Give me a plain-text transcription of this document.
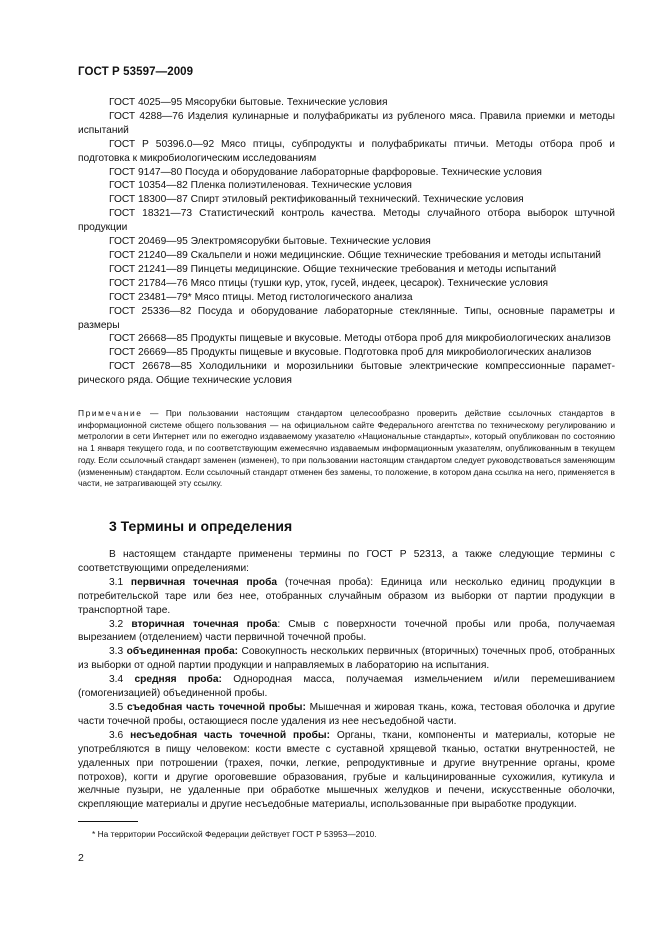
ГОСТ Р 53597—2009

ГОСТ 4025—95 Мясорубки бытовые. Технические условия

ГОСТ 4288—76 Изделия кулинарные и полуфабрикаты из рубленого мяса. Правила приемки и методы испытаний

ГОСТ Р 50396.0—92 Мясо птицы, субпродукты и полуфабрикаты птичьи. Методы отбора проб и подготовка к микробиологическим исследованиям

ГОСТ 9147—80 Посуда и оборудование лабораторные фарфоровые. Технические условия

ГОСТ 10354—82 Пленка полиэтиленовая. Технические условия

ГОСТ 18300—87 Спирт этиловый ректификованный технический. Технические условия

ГОСТ 18321—73 Статистический контроль качества. Методы случайного отбора выборок штучной продукции

ГОСТ 20469—95 Электромясорубки бытовые. Технические условия

ГОСТ 21240—89 Скальпели и ножи медицинские. Общие технические требования и методы испытаний

ГОСТ 21241—89 Пинцеты медицинские. Общие технические требования и методы испытаний

ГОСТ 21784—76 Мясо птицы (тушки кур, уток, гусей, индеек, цесарок). Технические условия

ГОСТ 23481—79* Мясо птицы. Метод гистологического анализа

ГОСТ 25336—82 Посуда и оборудование лабораторные стеклянные. Типы, основные параметры и размеры

ГОСТ 26668—85 Продукты пищевые и вкусовые. Методы отбора проб для микробиологических анализов

ГОСТ 26669—85 Продукты пищевые и вкусовые. Подготовка проб для микробиологических анализов

ГОСТ 26678—85 Холодильники и морозильники бытовые электрические компрессионные параметрического ряда. Общие технические условия

Примечание — При пользовании настоящим стандартом целесообразно проверить действие ссылочных стандартов в информационной системе общего пользования — на официальном сайте Федерального агентства по техническому регулированию и метрологии в сети Интернет или по ежегодно издаваемому указателю «Национальные стандарты», который опубликован по состоянию на 1 января текущего года, и по соответствующим ежемесячно издаваемым информационным указателям, опубликованным в текущем году. Если ссылочный стандарт заменен (изменен), то при пользовании настоящим стандартом следует руководствоваться заменяющим (измененным) стандартом. Если ссылочный стандарт отменен без замены, то положение, в котором дана ссылка на него, применяется в части, не затрагивающей эту ссылку.
3 Термины и определения

В настоящем стандарте применены термины по ГОСТ Р 52313, а также следующие термины с соответствующими определениями:

3.1 первичная точечная проба (точечная проба): Единица или несколько единиц продукции в потребительской таре или без нее, отобранных случайным образом из выборки от партии продукции в транспортной таре.

3.2 вторичная точечная проба: Смыв с поверхности точечной пробы или проба, получаемая вырезанием (отделением) части первичной точечной пробы.

3.3 объединенная проба: Совокупность нескольких первичных (вторичных) точечных проб, отобранных из выборки от одной партии продукции и направляемых в лабораторию на испытания.

3.4 средняя проба: Однородная масса, получаемая измельчением и/или перемешиванием (гомогенизацией) объединенной пробы.

3.5 съедобная часть точечной пробы: Мышечная и жировая ткань, кожа, тестовая оболочка и другие части точечной пробы, остающиеся после удаления из нее несъедобной части.

3.6 несъедобная часть точечной пробы: Органы, ткани, компоненты и материалы, которые не употребляются в пищу человеком: кости вместе с суставной хрящевой тканью, остатки внутренностей, не удаленных при потрошении (трахея, почки, легкие, репродуктивные и другие внутренние органы, кроме потрохов), когти и другие ороговевшие образования, грубые и кальцинированные сухожилия, кутикула и желчные пузыри, не удаленные при обработке мышечных желудков и печени, искусственные оболочки, скрепляющие материалы и другие несъедобные материалы, использованные при выработке продукции.

* На территории Российской Федерации действует ГОСТ Р 53953—2010.
2
